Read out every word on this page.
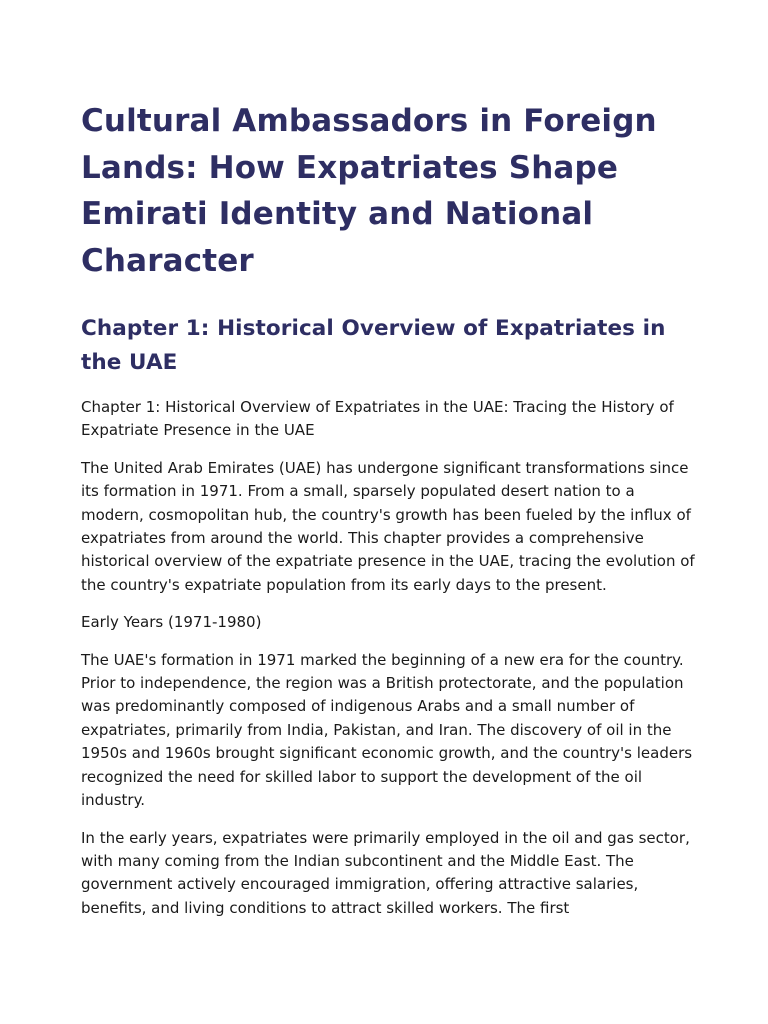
Cultural Ambassadors in Foreign Lands: How Expatriates Shape Emirati Identity and National Character
Chapter 1: Historical Overview of Expatriates in the UAE

Chapter 1: Historical Overview of Expatriates in the UAE: Tracing the History of Expatriate Presence in the UAE

The United Arab Emirates (UAE) has undergone significant transformations since its formation in 1971. From a small, sparsely populated desert nation to a modern, cosmopolitan hub, the country's growth has been fueled by the influx of expatriates from around the world. This chapter provides a comprehensive historical overview of the expatriate presence in the UAE, tracing the evolution of the country's expatriate population from its early days to the present.

Early Years (1971-1980)

The UAE's formation in 1971 marked the beginning of a new era for the country. Prior to independence, the region was a British protectorate, and the population was predominantly composed of indigenous Arabs and a small number of expatriates, primarily from India, Pakistan, and Iran. The discovery of oil in the 1950s and 1960s brought significant economic growth, and the country's leaders recognized the need for skilled labor to support the development of the oil industry.

In the early years, expatriates were primarily employed in the oil and gas sector, with many coming from the Indian subcontinent and the Middle East. The government actively encouraged immigration, offering attractive salaries, benefits, and living conditions to attract skilled workers. The first
